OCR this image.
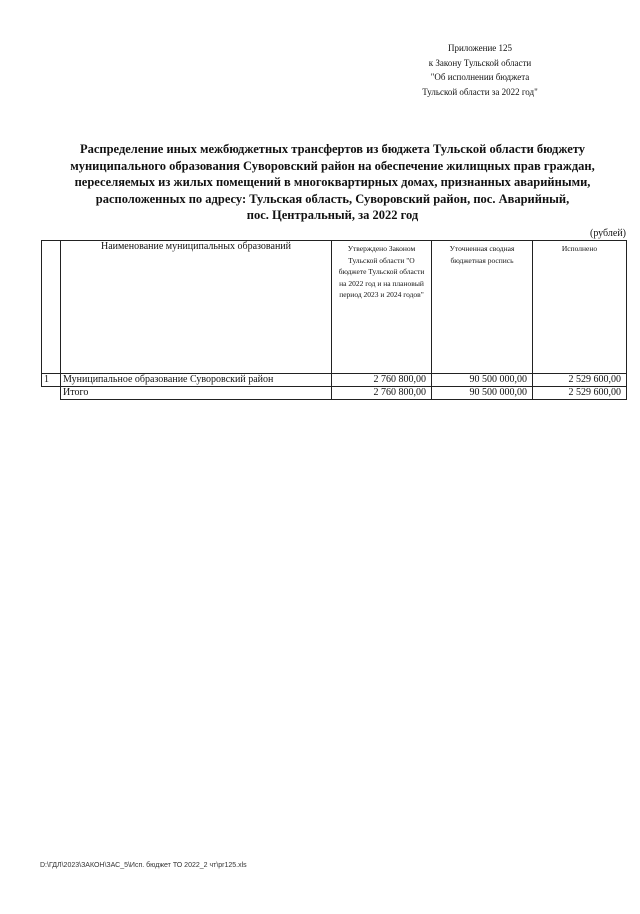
Приложение 125
к Закону Тульской области
"Об исполнении бюджета
Тульской области за 2022 год"
Распределение иных межбюджетных трансфертов из бюджета Тульской области бюджету
муниципального образования Суворовский район на обеспечение жилищных прав граждан,
переселяемых из жилых помещений в многоквартирных домах, признанных аварийными,
расположенных по адресу: Тульская область, Суворовский район, пос. Аварийный,
пос. Центральный, за 2022 год
(рублей)
	Наименование муниципальных образований	Утверждено Законом Тульской области "О бюджете Тульской области на 2022 год и на плановый период 2023 и 2024 годов"	Уточненная сводная бюджетная роспись	Исполнено
1	Муниципальное образование Суворовский район	2 760 800,00	90 500 000,00	2 529 600,00
	Итого	2 760 800,00	90 500 000,00	2 529 600,00
D:\ГДЛ\2023\ЗАКОН\ЗАС_5\Исп. бюджет ТО 2022_2 чт\pr125.xls
